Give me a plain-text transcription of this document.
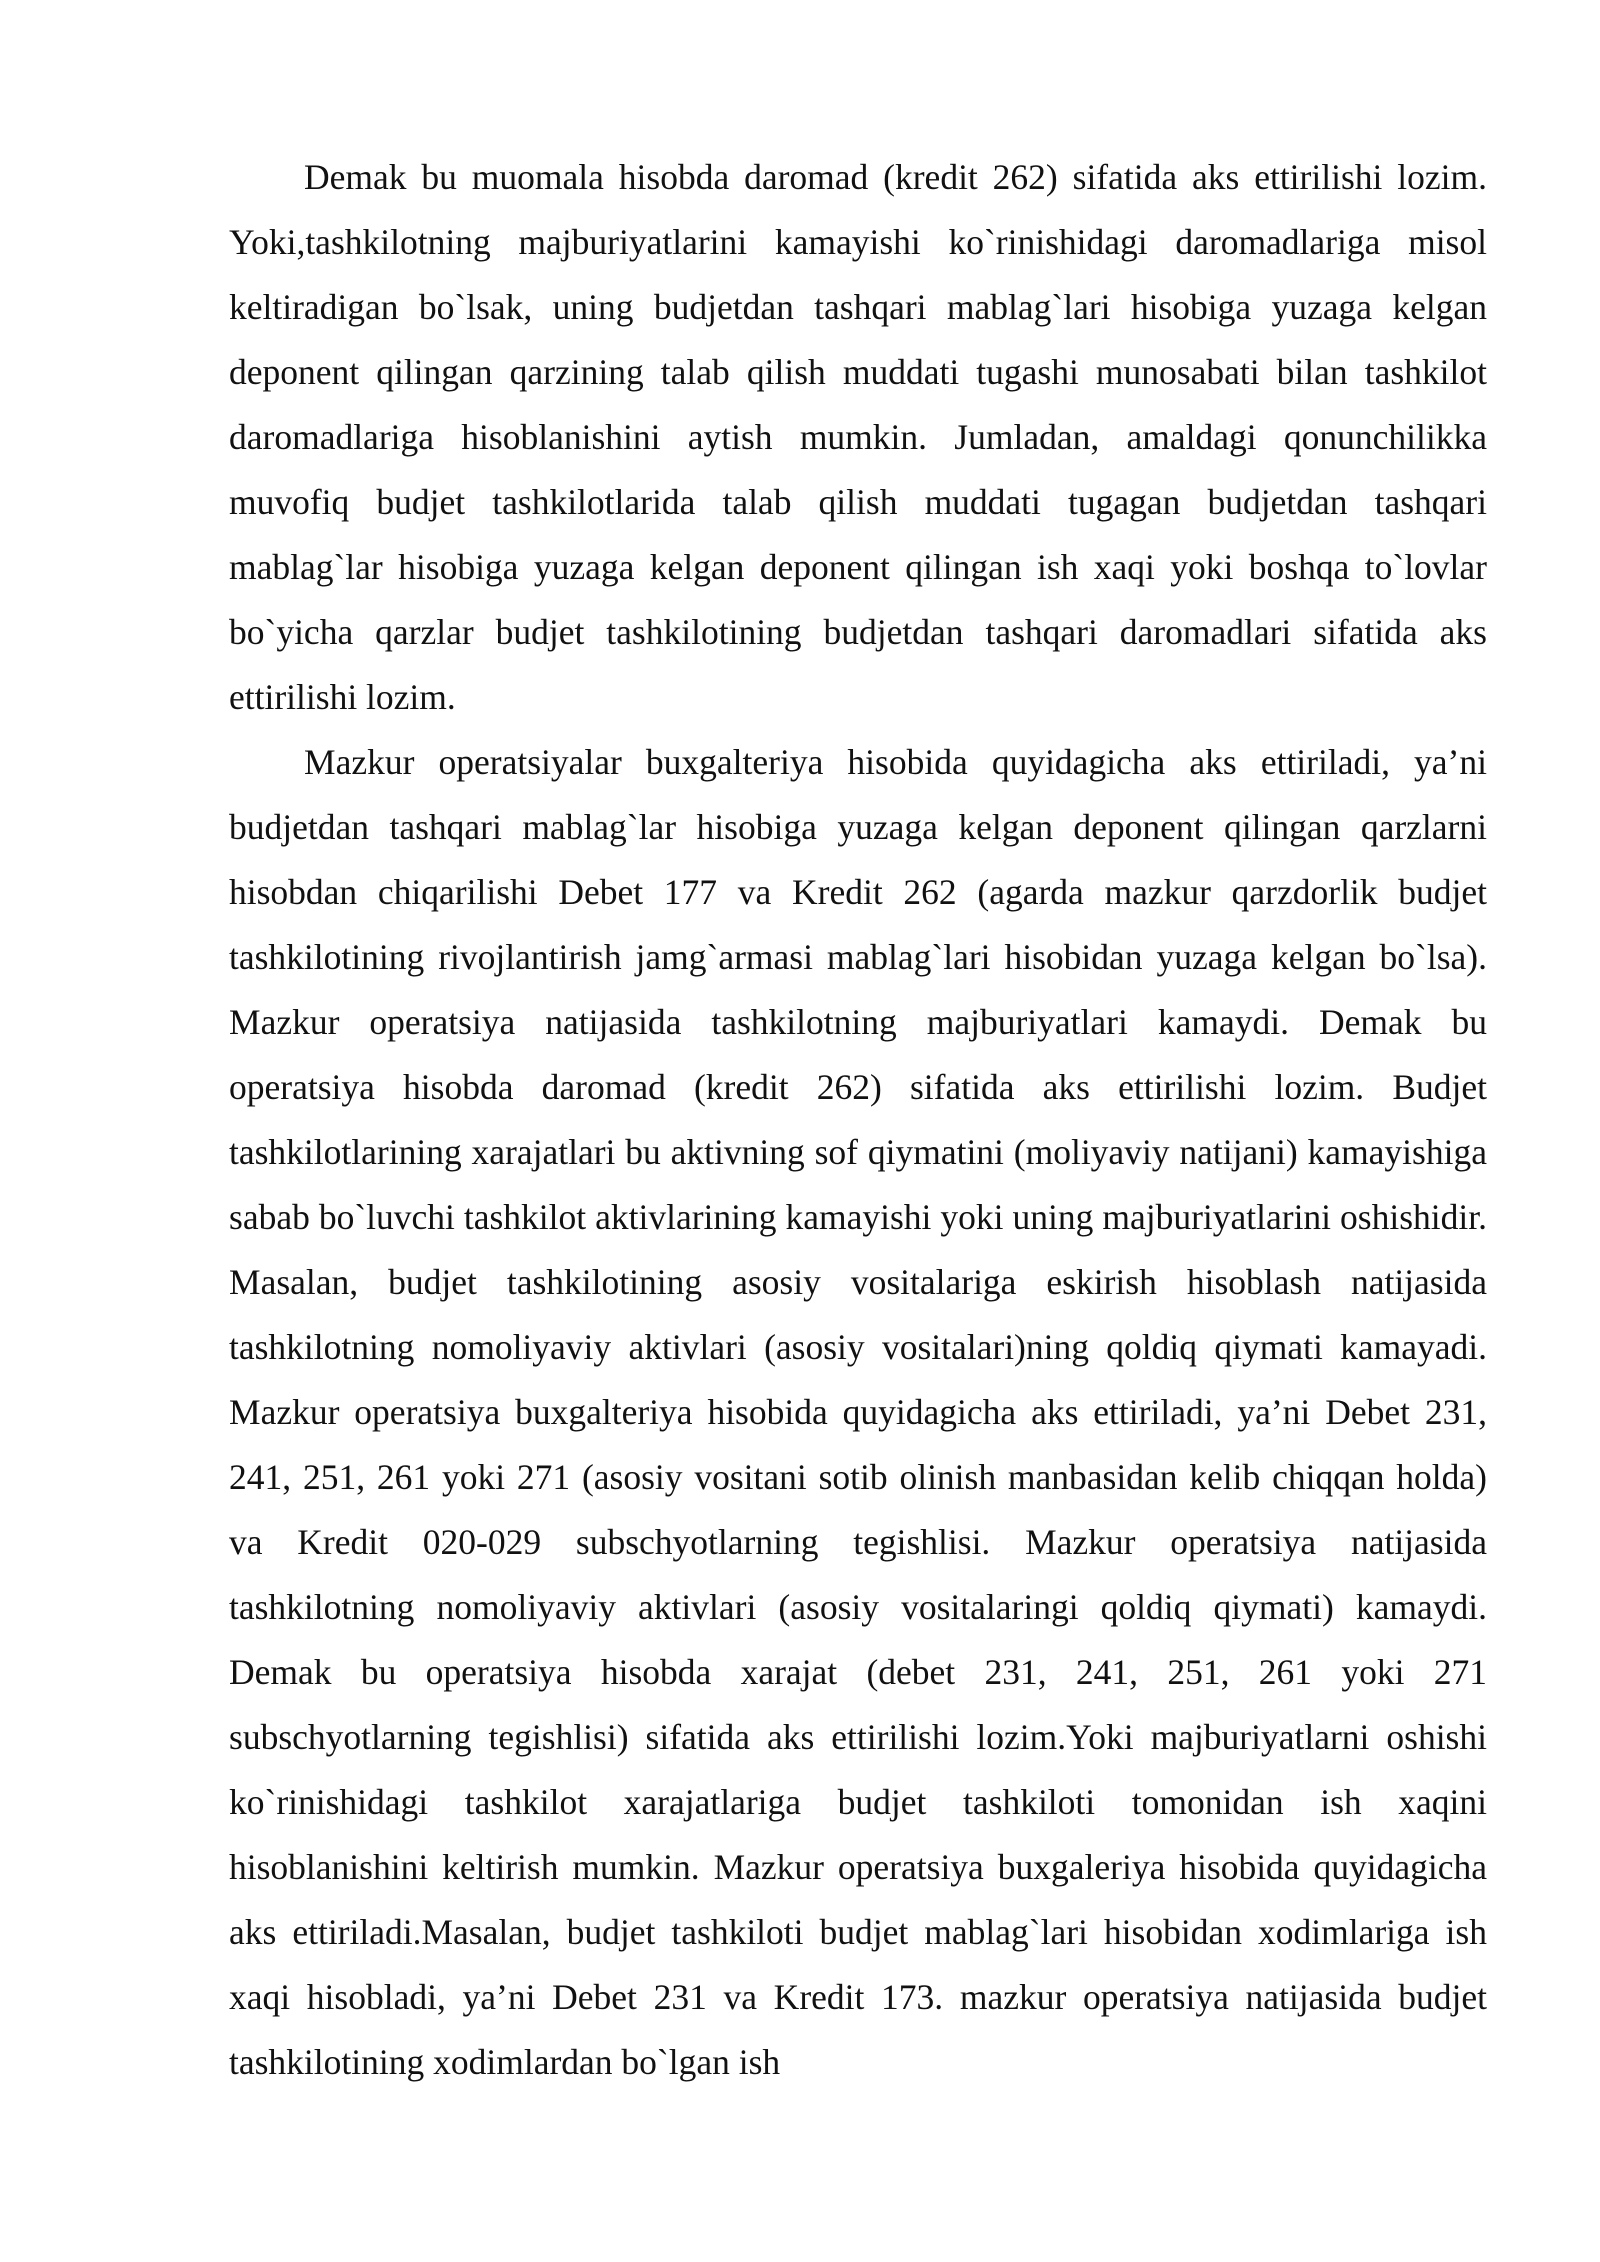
Demak bu muomala hisobda daromad (kredit 262) sifatida aks ettirilishi lozim. Yoki,tashkilotning majburiyatlarini kamayishi ko`rinishidagi daromadlariga misol keltiradigan bo`lsak, uning budjetdan tashqari mablag`lari hisobiga yuzaga kelgan deponent qilingan qarzining talab qilish muddati tugashi munosabati bilan tashkilot daromadlariga hisoblanishini aytish mumkin. Jumladan, amaldagi qonunchilikka muvofiq budjet tashkilotlarida talab qilish muddati tugagan budjetdan tashqari mablag`lar hisobiga yuzaga kelgan deponent qilingan ish xaqi yoki boshqa to`lovlar bo`yicha qarzlar budjet tashkilotining budjetdan tashqari daromadlari sifatida aks ettirilishi lozim.

Mazkur operatsiyalar buxgalteriya hisobida quyidagicha aks ettiriladi, ya’ni budjetdan tashqari mablag`lar hisobiga yuzaga kelgan deponent qilingan qarzlarni hisobdan chiqarilishi Debet 177 va Kredit 262 (agarda mazkur qarzdorlik budjet tashkilotining rivojlantirish jamg`armasi mablag`lari hisobidan yuzaga kelgan bo`lsa). Mazkur operatsiya natijasida tashkilotning majburiyatlari kamaydi. Demak bu operatsiya hisobda daromad (kredit 262) sifatida aks ettirilishi lozim. Budjet tashkilotlarining xarajatlari bu aktivning sof qiymatini (moliyaviy natijani) kamayishiga sabab bo`luvchi tashkilot aktivlarining kamayishi yoki uning majburiyatlarini oshishidir. Masalan, budjet tashkilotining asosiy vositalariga eskirish hisoblash natijasida tashkilotning nomoliyaviy aktivlari (asosiy vositalari)ning qoldiq qiymati kamayadi. Mazkur operatsiya buxgalteriya hisobida quyidagicha aks ettiriladi, ya’ni Debet 231, 241, 251, 261 yoki 271 (asosiy vositani sotib olinish manbasidan kelib chiqqan holda) va Kredit 020-029 subschyotlarning tegishlisi. Mazkur operatsiya natijasida tashkilotning nomoliyaviy aktivlari (asosiy vositalaringi qoldiq qiymati) kamaydi. Demak bu operatsiya hisobda xarajat (debet 231, 241, 251, 261 yoki 271 subschyotlarning tegishlisi) sifatida aks ettirilishi lozim.Yoki majburiyatlarni oshishi ko`rinishidagi tashkilot xarajatlariga budjet tashkiloti tomonidan ish xaqini hisoblanishini keltirish mumkin. Mazkur operatsiya buxgaleriya hisobida quyidagicha aks ettiriladi.Masalan, budjet tashkiloti budjet mablag`lari hisobidan xodimlariga ish xaqi hisobladi, ya’ni Debet 231 va Kredit 173. mazkur operatsiya natijasida budjet tashkilotining xodimlardan bo`lgan ish
